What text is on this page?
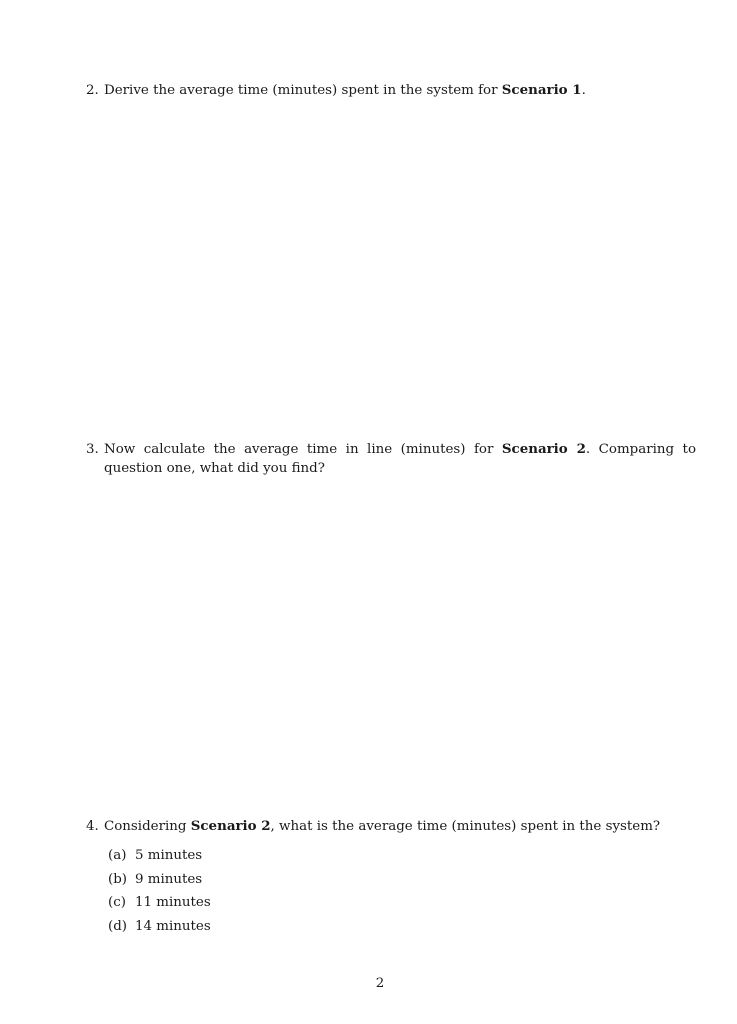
2. Derive the average time (minutes) spent in the system for Scenario 1.
3. Now calculate the average time in line (minutes) for Scenario 2. Comparing to question one, what did you find?
4. Considering Scenario 2, what is the average time (minutes) spent in the system?
(a) 5 minutes
(b) 9 minutes
(c) 11 minutes
(d) 14 minutes
2
